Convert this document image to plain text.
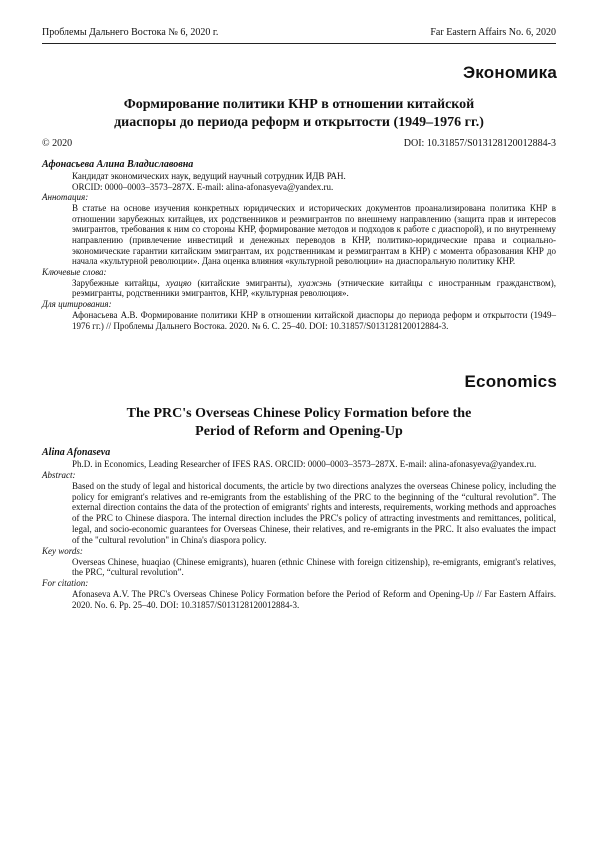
Проблемы Дальнего Востока № 6, 2020 г.	Far Eastern Affairs No. 6, 2020
Экономика
Формирование политики КНР в отношении китайской
диаспоры до периода реформ и открытости (1949–1976 гг.)
© 2020	DOI: 10.31857/S013128120012884-3
Афонасьева Алина Владиславовна

Кандидат экономических наук, ведущий научный сотрудник ИДВ РАН.

ORCID: 0000–0003–3573–287X. E-mail: alina-afonasyeva@yandex.ru.

Аннотация:
В статье на основе изучения конкретных юридических и исторических документов проанализирована политика КНР в отношении зарубежных китайцев, их родственников и реэмигрантов по внешнему направлению (защита прав и интересов эмигрантов, требования к ним со стороны КНР, формирование методов и подходов к работе с диаспорой), и по внутреннему направлению (привлечение инвестиций и денежных переводов в КНР, политико-юридические права и социально-экономические гарантии китайским эмигрантам, их родственникам и реэмигрантам в КНР) с момента образования КНР до начала «культурной революции». Дана оценка влияния «культурной революции» на диаспоральную политику КНР.
Ключевые слова:
Зарубежные китайцы, хуацяо (китайские эмигранты), хуажэнь (этнические китайцы с иностранным гражданством), реэмигранты, родственники эмигрантов, КНР, «культурная революция».
Для цитирования:
Афонасьева А.В. Формирование политики КНР в отношении китайской диаспоры до периода реформ и открытости (1949–1976 гг.) // Проблемы Дальнего Востока. 2020. № 6. С. 25–40. DOI: 10.31857/S013128120012884-3.
Economics
The PRC's Overseas Chinese Policy Formation before the
Period of Reform and Opening-Up
Alina Afonaseva
Ph.D. in Economics, Leading Researcher of IFES RAS. ORCID: 0000–0003–3573–287X. E-mail: alina-afonasyeva@yandex.ru.
Abstract:
Based on the study of legal and historical documents, the article by two directions analyzes the overseas Chinese policy, including the policy for emigrant's relatives and re-emigrants from the establishing of the PRC to the beginning of the “cultural revolution”. The external direction contains the data of the protection of emigrants' rights and interests, requirements, working methods and approaches of the PRC to Chinese diaspora. The internal direction includes the PRC's policy of attracting investments and remittances, political, legal, and socio-economic guarantees for Overseas Chinese, their relatives, and re-emigrants in the PRC. It also evaluates the impact of the "cultural revolution" in China's diaspora policy.
Key words:
Overseas Chinese, huaqiao (Chinese emigrants), huaren (ethnic Chinese with foreign citizenship), re-emigrants, emigrant's relatives, the PRC, “cultural revolution”.
For citation:
Afonaseva A.V. The PRC's Overseas Chinese Policy Formation before the Period of Reform and Opening-Up // Far Eastern Affairs. 2020. No. 6. Pp. 25–40. DOI: 10.31857/S013128120012884-3.
